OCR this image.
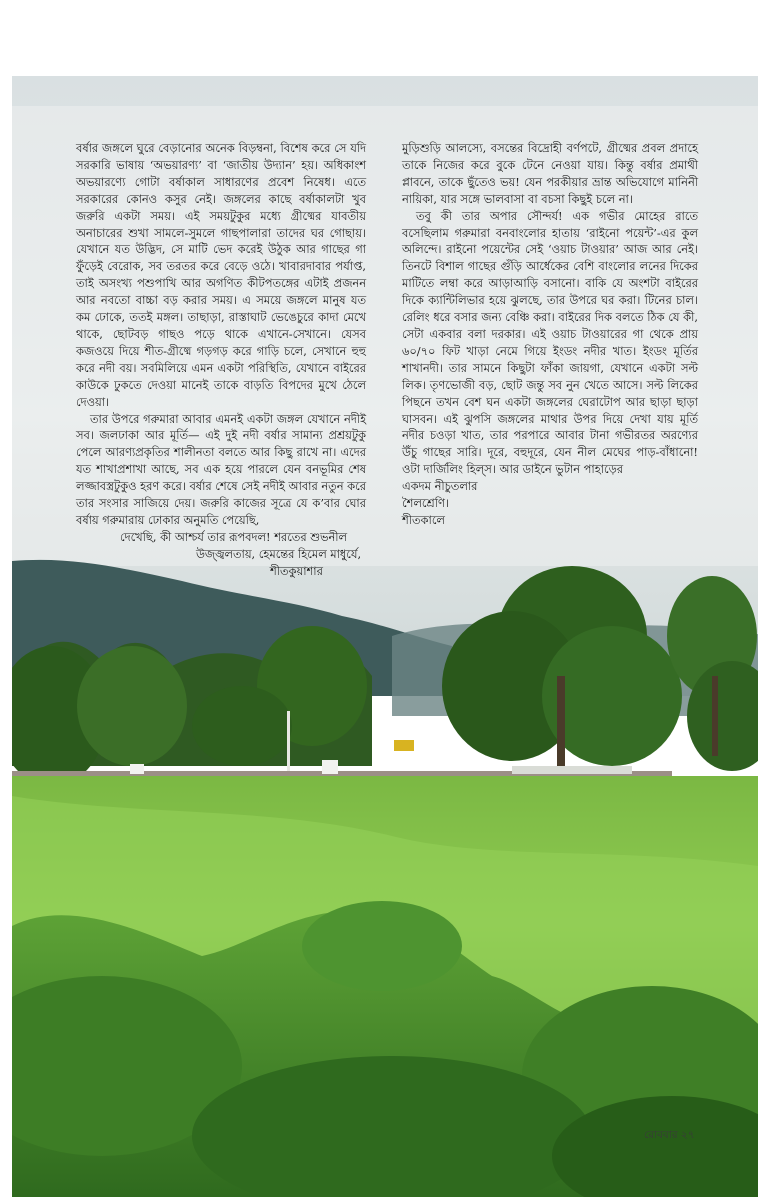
বর্ষার জঙ্গলে ঘুরে বেড়ানোর অনেক বিড়ম্বনা, বিশেষ করে সে যদি সরকারি ভাষায় ‘অভয়ারণ্য’ বা ‘জাতীয় উদ্যান’ হয়। অধিকাংশ অভয়ারণ্যে গোটা বর্ষাকাল সাধারণের প্রবেশ নিষেধ। এতে সরকারের কোনও কসুর নেই। জঙ্গলের কাছে বর্ষাকালটা খুব জরুরি একটা সময়। এই সময়টুকুর মধ্যে গ্রীষ্মের যাবতীয় অনাচারের শুখা সামলে-সুমলে গাছপালারা তাদের ঘর গোছায়। যেখানে যত উদ্ভিদ, সে মাটি ভেদ করেই উঠুক আর গাছের গা ফুঁড়েই বেরোক, সব তরতর করে বেড়ে ওঠে। খাবারদাবার পর্যাপ্ত, তাই অসংখ্য পশুপাখি আর অগণিত কীটপতঙ্গের এটাই প্রজনন আর নবতো বাচ্চা বড় করার সময়। এ সময়ে জঙ্গলে মানুষ যত কম ঢোকে, ততই মঙ্গল। তাছাড়া, রাস্তাঘাট ভেঙেচুরে কাদা মেখে থাকে, ছোটবড় গাছও পড়ে থাকে এখানে-সেখানে। যেসব কজওয়ে দিয়ে শীত-গ্রীষ্মে গড়গড় করে গাড়ি চলে, সেখানে হুহু করে নদী বয়। সবমিলিয়ে এমন একটা পরিস্থিতি, যেখানে বাইরের কাউকে ঢুকতে দেওয়া মানেই তাকে বাড়তি বিপদের মুখে ঠেলে দেওয়া।

তার উপরে গরুমারা আবার এমনই একটা জঙ্গল যেখানে নদীই সব। জলঢাকা আর মূর্তি— এই দুই নদী বর্ষার সামান্য প্রশ্রয়টুকু পেলে আরণ্যপ্রকৃতির শালীনতা বলতে আর কিছু রাখে না। এদের যত শাখাপ্রশাখা আছে, সব এক হয়ে পারলে যেন বনভূমির শেষ লজ্জাবস্ত্রটুকুও হরণ করে। বর্ষার শেষে সেই নদীই আবার নতুন করে তার সংসার সাজিয়ে দেয়। জরুরি কাজের সূত্রে যে ক’বার ঘোর বর্ষায় গরুমারায় ঢোকার অনুমতি পেয়েছি,

দেখেছি, কী আশ্চর্য তার রূপবদল! শরতের শুভনীল

উজ্জ্বলতায়, হেমন্তের হিমেল মাধুর্যে,

শীতকুয়াশার

মুড়িশুড়ি আলস্যে, বসন্তের বিদ্রোহী বর্ণপটে, গ্রীষ্মের প্রবল প্রদাহে তাকে নিজের করে বুকে টেনে নেওয়া যায়। কিন্তু বর্ষার প্রমাথী প্লাবনে, তাকে ছুঁতেও ভয়! যেন পরকীয়ার ভ্রান্ত অভিযোগে মানিনী নায়িকা, যার সঙ্গে ভালবাসা বা বচসা কিছুই চলে না।

তবু কী তার অপার সৌন্দর্য! এক গভীর মোহের রাতে বসেছিলাম গরুমারা বনবাংলোর হাতায় ‘রাইনো পয়েন্ট’-এর কুল অলিন্দে। রাইনো পয়েন্টের সেই ‘ওয়াচ টাওয়ার’ আজ আর নেই। তিনটে বিশাল গাছের গুঁড়ি আর্ধেকের বেশি বাংলোর লনের দিকের মাটিতে লম্বা করে আড়াআড়ি বসানো। বাকি যে অংশটা বাইরের দিকে ক্যান্টিলিভার হয়ে ঝুলছে, তার উপরে ঘর করা। টিনের চাল। রেলিং ধরে বসার জন্য বেঞ্চি করা। বাইরের দিক বলতে ঠিক যে কী, সেটা একবার বলা দরকার। এই ওয়াচ টাওয়ারের গা থেকে প্রায় ৬০/৭০ ফিট খাড়া নেমে গিয়ে ইংডং নদীর খাত। ইংডং মূর্তির শাখানদী। তার সামনে কিছুটা ফাঁকা জায়গা, যেখানে একটা সল্ট লিক। তৃণভোজী বড়, ছোট জন্তু সব নুন খেতে আসে। সল্ট লিকের পিছনে তখন বেশ ঘন একটা জঙ্গলের ঘেরাটোপ আর ছাড়া ছাড়া ঘাসবন। এই ঝুপসি জঙ্গলের মাথার উপর দিয়ে দেখা যায় মূর্তি নদীর চওড়া খাত, তার পরপারে আবার টানা গভীরতর অরণ্যের উঁচু গাছের সারি। দূরে, বহুদূরে, যেন নীল মেঘের পাড়-বাঁধানো! ওটা দার্জিলিং হিল্‌স। আর ডাইনে ভুটান পাহাড়ের

একদম নীচুতলার

শৈলশ্রেণি।

শীতকালে

রোববার ২৭
